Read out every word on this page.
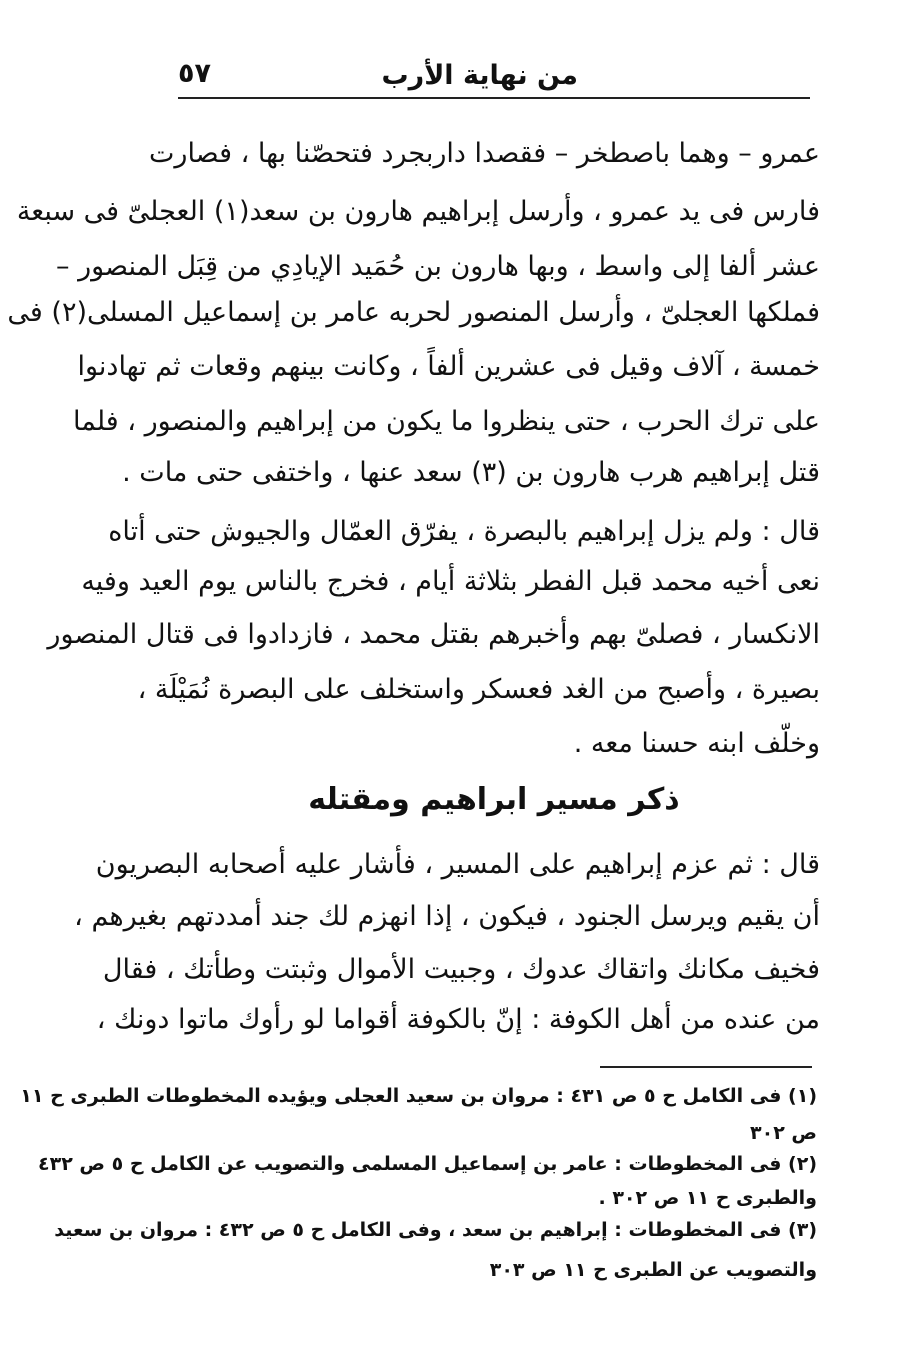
من نهاية الأرب
٥٧
عمرو – وهما باصطخر – فقصدا داربجرد فتحصّنا بها ، فصارت
فارس فى يد عمرو ، وأرسل إبراهيم هارون بن سعد(١) العجلىّ فى سبعة
عشر ألفا إلى واسط ، وبها هارون بن حُمَيد الإيادِي من قِبَل المنصور –
فملكها العجلىّ ، وأرسل المنصور لحربه عامر بن إسماعيل المسلى(٢) فى
خمسة ، آلاف وقيل فى عشرين ألفاً ، وكانت بينهم وقعات ثم تهادنوا
على ترك الحرب ، حتى ينظروا ما يكون من إبراهيم والمنصور ، فلما
قتل إبراهيم هرب هارون بن (٣) سعد عنها ، واختفى حتى مات .
قال : ولم يزل إبراهيم بالبصرة ، يفرّق العمّال والجيوش حتى أتاه
نعى أخيه محمد قبل الفطر بثلاثة أيام ، فخرج بالناس يوم العيد وفيه
الانكسار ، فصلىّ بهم وأخبرهم بقتل محمد ، فازدادوا فى قتال المنصور
بصيرة ، وأصبح من الغد فعسكر واستخلف على البصرة نُمَيْلَة ،
وخلّف ابنه حسنا معه .
ذكر مسير ابراهيم ومقتله
قال : ثم عزم إبراهيم على المسير ، فأشار عليه أصحابه البصريون
أن يقيم ويرسل الجنود ، فيكون ، إذا انهزم لك جند أمددتهم بغيرهم ،
فخيف مكانك واتقاك عدوك ، وجبيت الأموال وثبتت وطأتك ، فقال
من عنده من أهل الكوفة : إنّ بالكوفة أقواما لو رأوك ماتوا دونك ،
(١) فى الكامل ح ٥ ص ٤٣١ : مروان بن سعيد العجلى ويؤيده المخطوطات الطبرى ح ١١
ص ٣٠٢
(٢) فى المخطوطات : عامر بن إسماعيل المسلمى والتصويب عن الكامل ح ٥ ص ٤٣٢
والطبرى ح ١١ ص ٣٠٢ .
(٣) فى المخطوطات : إبراهيم بن سعد ، وفى الكامل ح ٥ ص ٤٣٢ : مروان بن سعيد
والتصويب عن الطبرى ح ١١ ص ٣٠٣
